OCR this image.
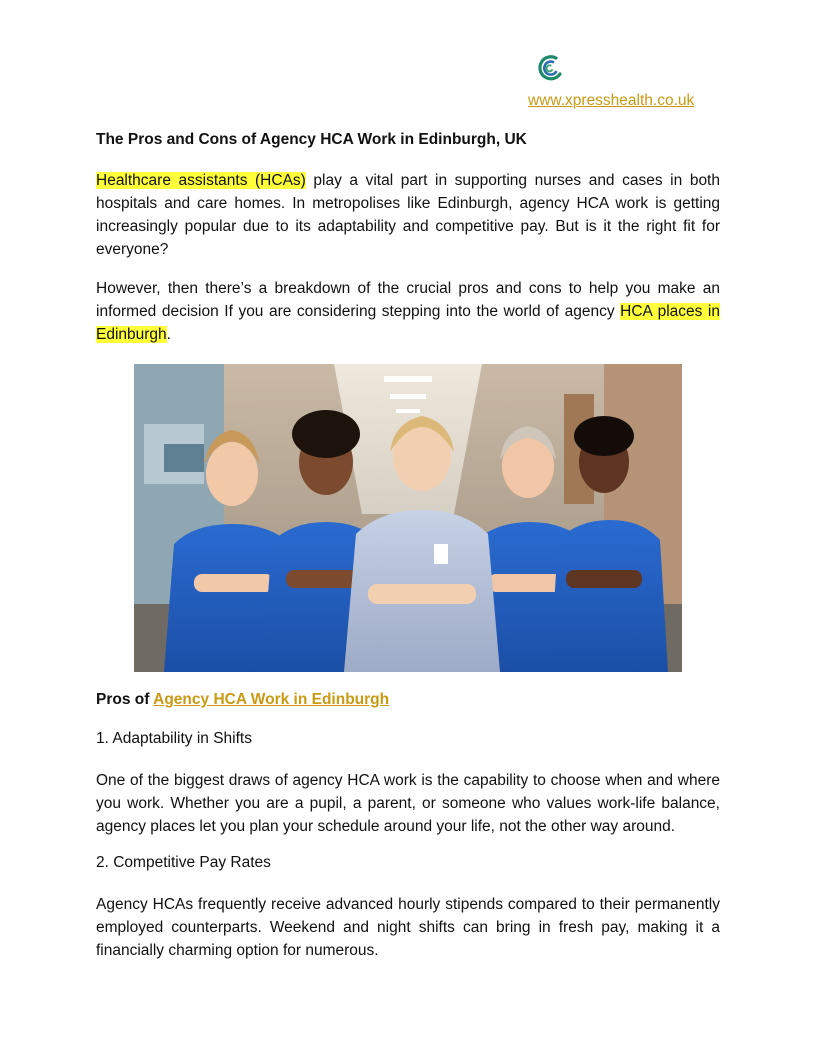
www.xpresshealth.co.uk
The Pros and Cons of Agency HCA Work in Edinburgh, UK

Healthcare assistants (HCAs) play a vital part in supporting nurses and cases in both hospitals and care homes. In metropolises like Edinburgh, agency HCA work is getting increasingly popular due to its adaptability and competitive pay. But is it the right fit for everyone?

However, then there’s a breakdown of the crucial pros and cons to help you make an informed decision If you are considering stepping into the world of agency HCA places in Edinburgh.

Pros of Agency HCA Work in Edinburgh
1. Adaptability in Shifts

One of the biggest draws of agency HCA work is the capability to choose when and where you work. Whether you are a pupil, a parent, or someone who values work-life balance, agency places let you plan your schedule around your life, not the other way around.

2. Competitive Pay Rates

Agency HCAs frequently receive advanced hourly stipends compared to their permanently employed counterparts. Weekend and night shifts can bring in fresh pay, making it a financially charming option for numerous.
